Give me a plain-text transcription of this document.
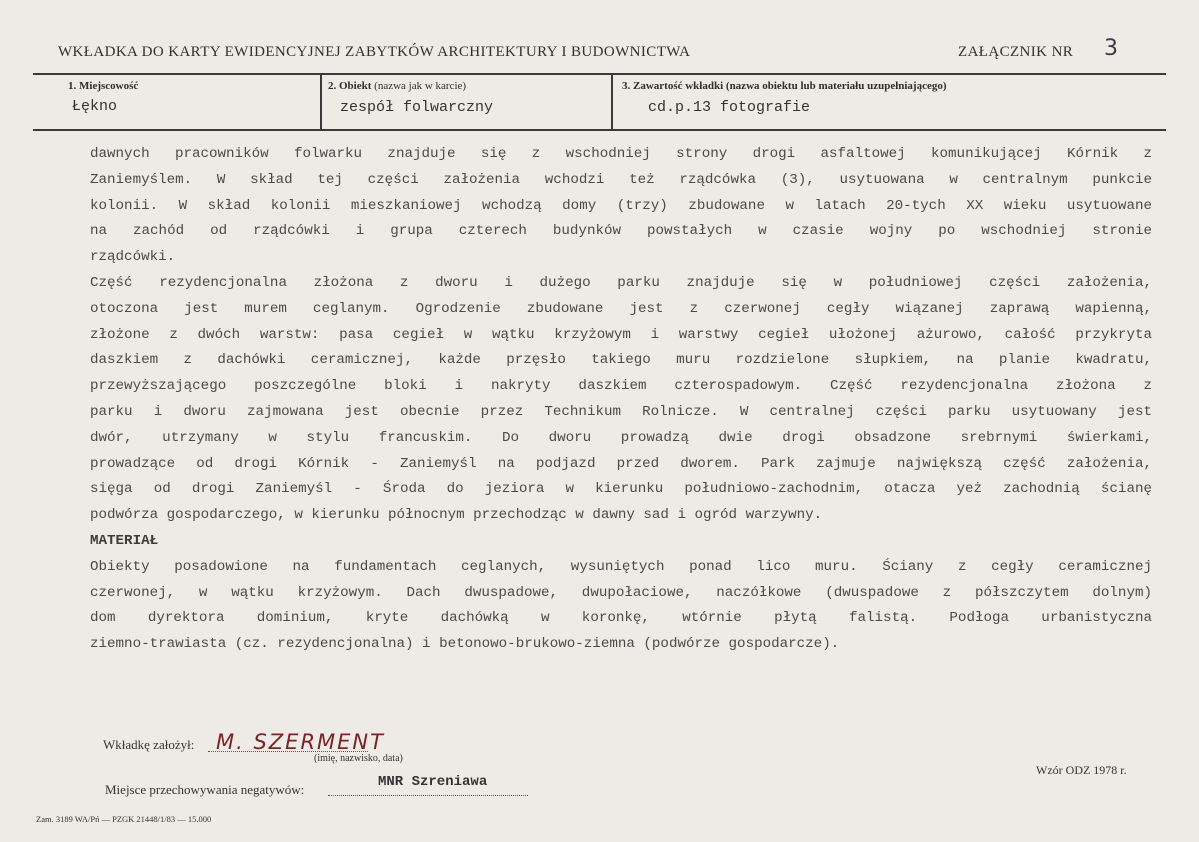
WKŁADKA DO KARTY EWIDENCYJNEJ ZABYTKÓW ARCHITEKTURY I BUDOWNICTWA	ZAŁĄCZNIK NR 3
1. Miejscowość
Łękno
2. Obiekt (nazwa jak w karcie)
zespół folwarczny
3. Zawartość wkładki (nazwa obiektu lub materiału uzupełniającego)
cd.p.13 fotografie

dawnych pracowników folwarku znajduje się z wschodniej strony drogi asfaltowej komunikującej Kórnik z

Zaniemyślem. W skład tej części założenia wchodzi też rządcówka (3), usytuowana w centralnym punkcie

kolonii. W skład kolonii mieszkaniowej wchodzą domy (trzy) zbudowane w latach 20-tych XX wieku usytuowane

na zachód od rządcówki i grupa czterech budynków powstałych w czasie wojny po wschodniej stronie

rządcówki.

Część rezydencjonalna złożona z dworu i dużego parku znajduje się w południowej części założenia,

otoczona jest murem ceglanym. Ogrodzenie zbudowane jest z czerwonej cegły wiązanej zaprawą wapienną,

złożone z dwóch warstw: pasa cegieł w wątku krzyżowym i warstwy cegieł ułożonej ażurowo, całość przykryta

daszkiem z dachówki ceramicznej, każde przęsło takiego muru rozdzielone słupkiem, na planie kwadratu,

przewyższającego poszczególne bloki i nakryty daszkiem czterospadowym. Część rezydencjonalna złożona z

parku i dworu zajmowana jest obecnie przez Technikum Rolnicze. W centralnej części parku usytuowany jest

dwór, utrzymany w stylu francuskim. Do dworu prowadzą dwie drogi obsadzone srebrnymi świerkami,

prowadzące od drogi Kórnik - Zaniemyśl na podjazd przed dworem. Park zajmuje największą część założenia,

sięga od drogi Zaniemyśl - Środa do jeziora w kierunku południowo-zachodnim, otacza yeż zachodnią ścianę

podwórza gospodarczego, w kierunku północnym przechodząc w dawny sad i ogród warzywny.

MATERIAŁ

Obiekty posadowione na fundamentach ceglanych, wysuniętych ponad lico muru. Ściany z cegły ceramicznej

czerwonej, w wątku krzyżowym. Dach dwuspadowe, dwupołaciowe, naczółkowe (dwuspadowe z półszczytem dolnym)

dom dyrektora dominium, kryte dachówką w koronkę, wtórnie płytą falistą. Podłoga urbanistyczna

ziemno-trawiasta (cz. rezydencjonalna) i betonowo-brukowo-ziemna (podwórze gospodarcze).

Wkładkę założył: M. SZERMENT
(imię, nazwisko, data)
Miejsce przechowywania negatywów:	MNR Szreniawa
Wzór ODZ 1978 r.
Zam. 3189 WA/Pń — PZGK 21448/1/83 — 15.000
